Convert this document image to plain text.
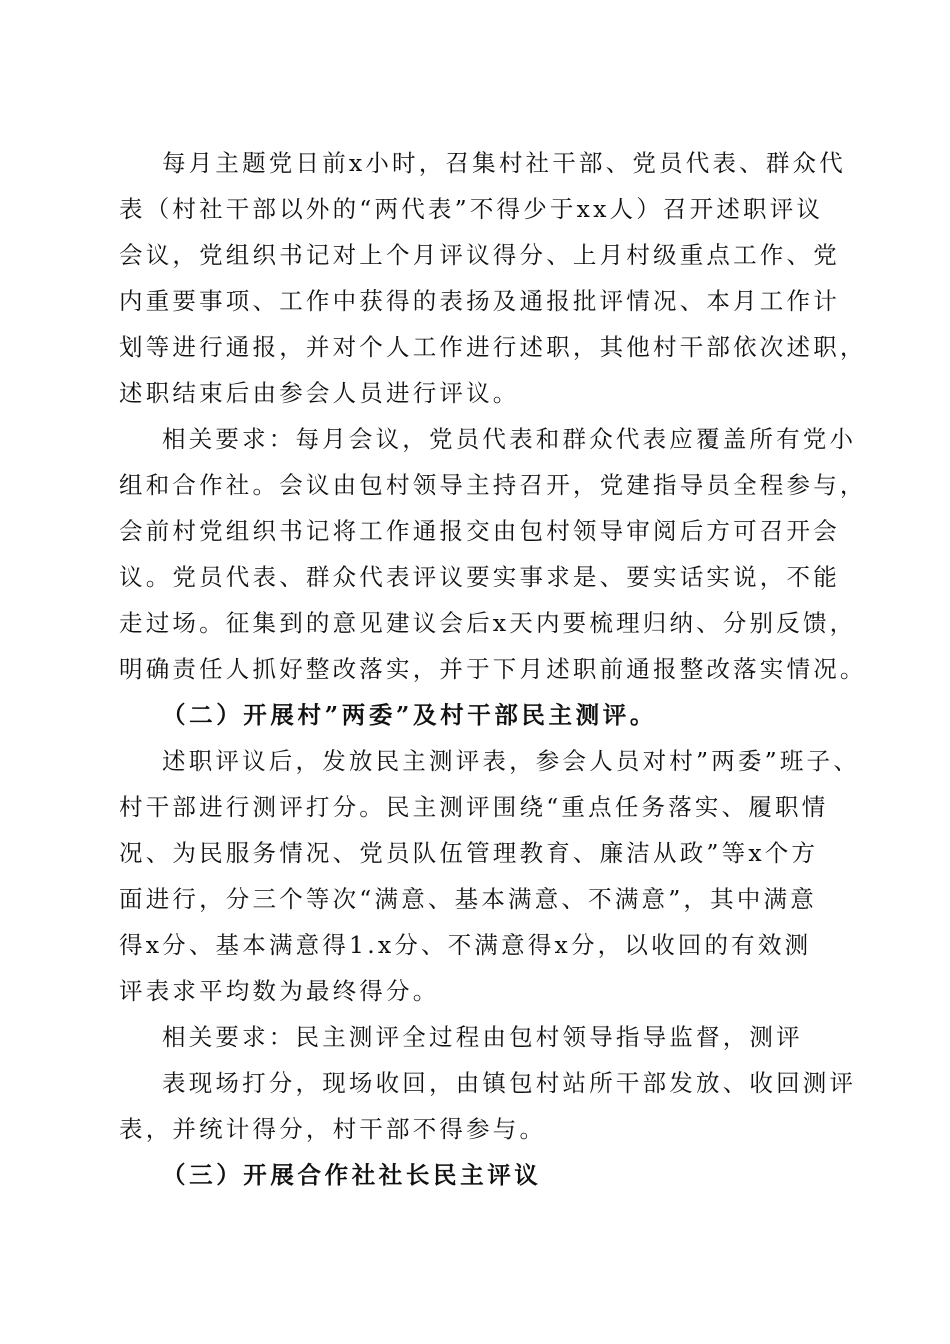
每月主题党日前x小时，召集村社干部、党员代表、群众代
表（村社干部以外的“两代表”不得少于xx人）召开述职评议
会议，党组织书记对上个月评议得分、上月村级重点工作、党
内重要事项、工作中获得的表扬及通报批评情况、本月工作计
划等进行通报，并对个人工作进行述职，其他村干部依次述职，
述职结束后由参会人员进行评议。
相关要求：每月会议，党员代表和群众代表应覆盖所有党小
组和合作社。会议由包村领导主持召开，党建指导员全程参与，
会前村党组织书记将工作通报交由包村领导审阅后方可召开会
议。党员代表、群众代表评议要实事求是、要实话实说，不能
走过场。征集到的意见建议会后x天内要梳理归纳、分别反馈，
明确责任人抓好整改落实，并于下月述职前通报整改落实情况。
（二）开展村”两委”及村干部民主测评。
述职评议后，发放民主测评表，参会人员对村”两委”班子、
村干部进行测评打分。民主测评围绕“重点任务落实、履职情
况、为民服务情况、党员队伍管理教育、廉洁从政”等x个方
面进行，分三个等次“满意、基本满意、不满意”，其中满意
得x分、基本满意得1.x分、不满意得x分，以收回的有效测
评表求平均数为最终得分。
相关要求：民主测评全过程由包村领导指导监督，测评
表现场打分，现场收回，由镇包村站所干部发放、收回测评
表，并统计得分，村干部不得参与。
（三）开展合作社社长民主评议
